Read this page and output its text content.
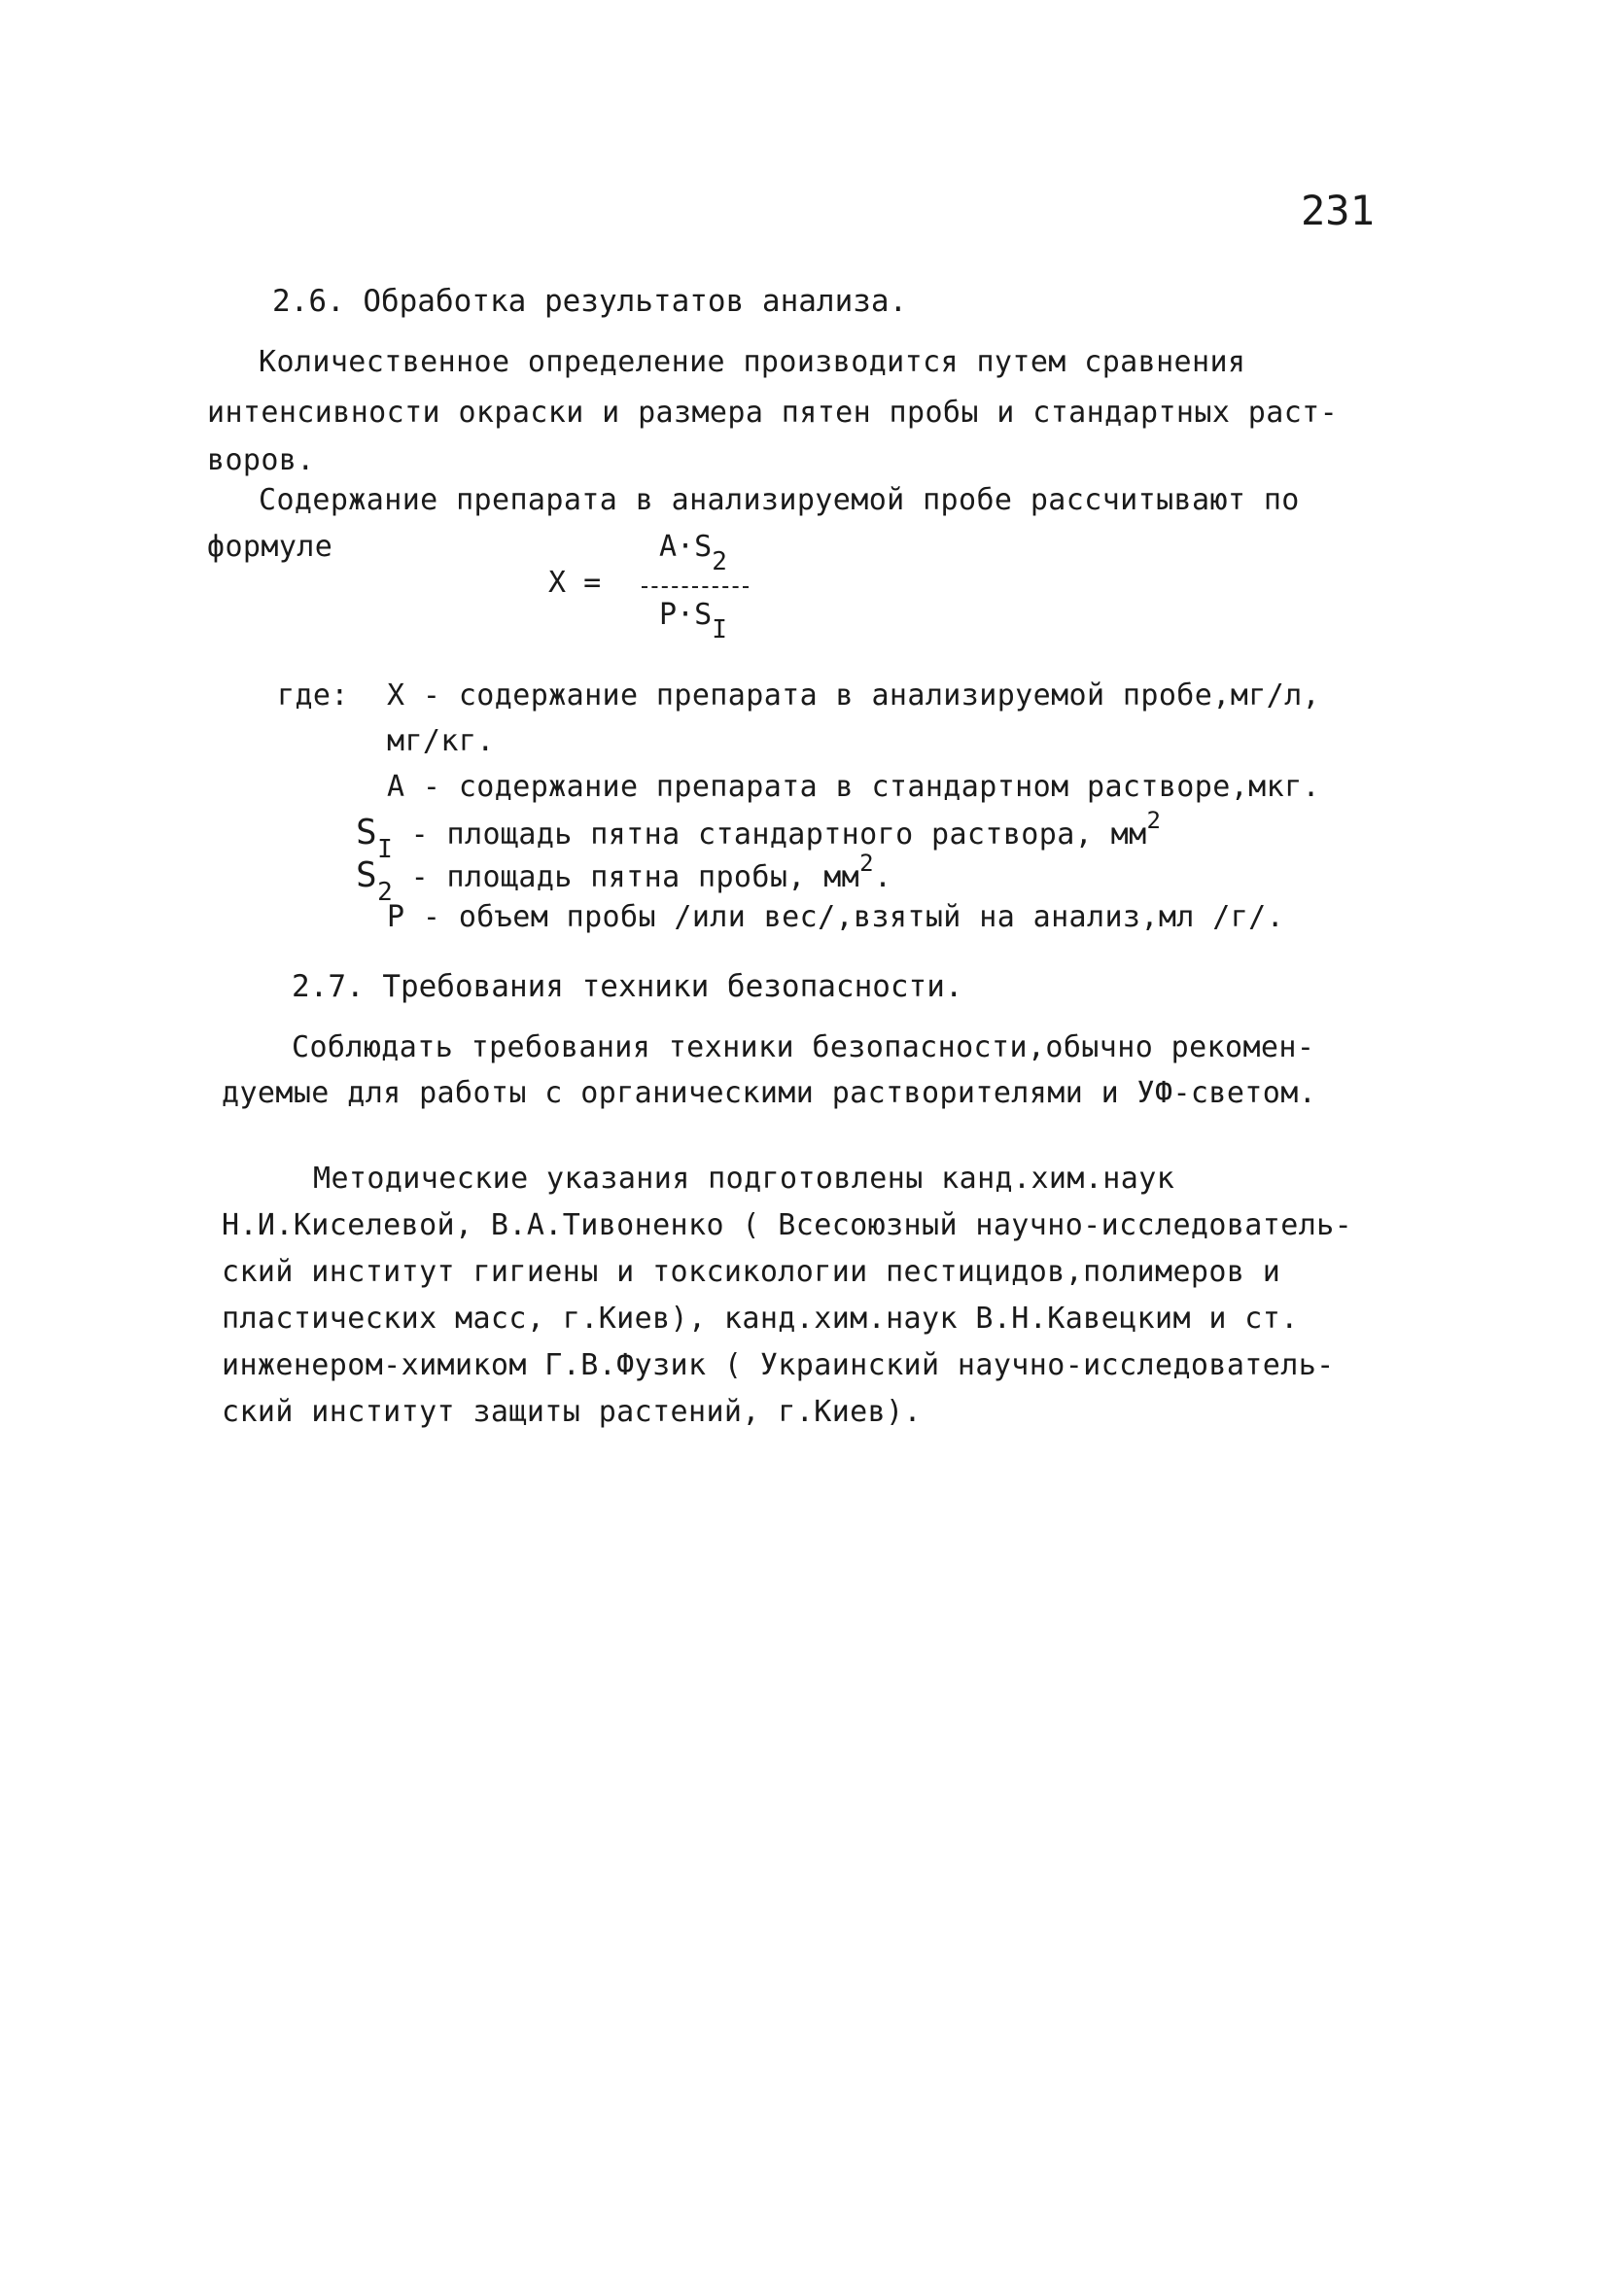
231
2.6. Обработка результатов анализа.
Количественное определение производится путем сравнения
интенсивности окраски и размера пятен пробы и стандартных раст-
воров.
Содержание препарата в анализируемой пробе рассчитывают по
формуле
X =
A·S2
P·SI
где: X - содержание препарата в анализируемой пробе,мг/л,
мг/кг.
A - содержание препарата в стандартном растворе,мкг.
SI - площадь пятна стандартного раствора, $мм^2$
S2 - площадь пятна пробы, $мм^2$.
P - объем пробы /или вес/,взятый на анализ,мл /г/.
2.7. Требования техники безопасности.
Соблюдать требования техники безопасности,обычно рекомен-
дуемые для работы с органическими растворителями и УФ-светом.
Методические указания подготовлены канд.хим.наук
Н.И.Киселевой, В.А.Тивоненко ( Всесоюзный научно-исследователь-
ский институт гигиены и токсикологии пестицидов,полимеров и
пластических масс, г.Киев), канд.хим.наук В.Н.Кавецким и ст.
инженером-химиком Г.В.Фузик ( Украинский научно-исследователь-
ский институт защиты растений, г.Киев).
